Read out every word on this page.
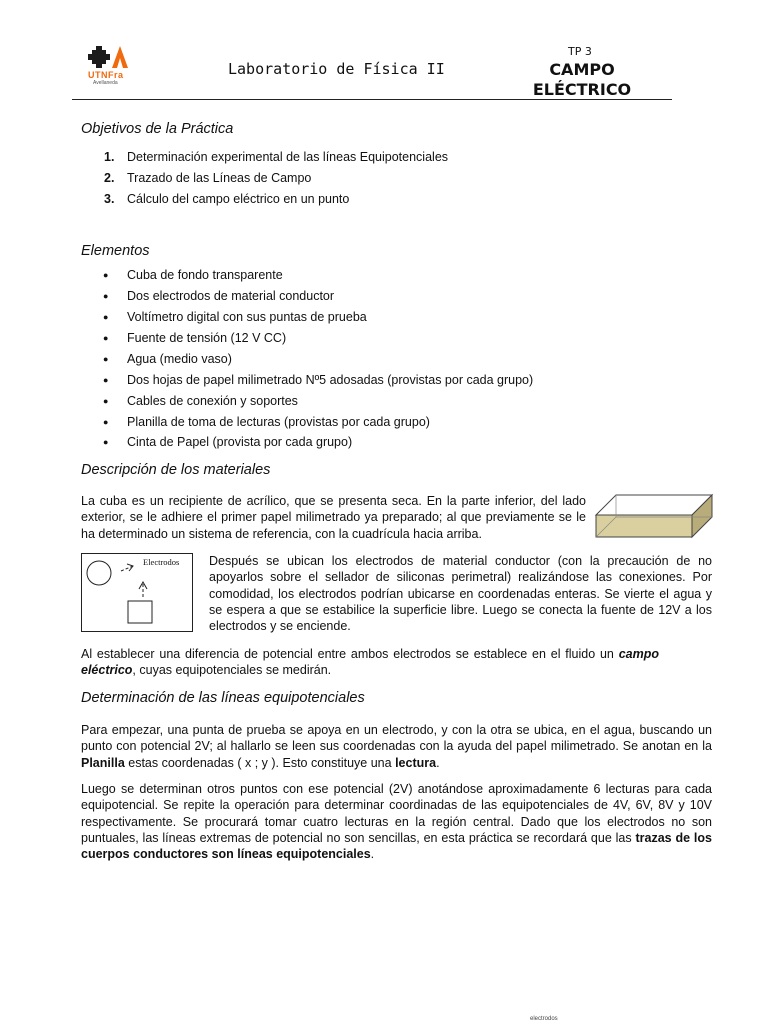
UTNFra
Avellaneda
Laboratorio de Física II
TP 3
CAMPO ELÉCTRICO
Objetivos de la Práctica
1. Determinación experimental de las líneas Equipotenciales
2. Trazado de las Líneas de Campo
3. Cálculo del campo eléctrico en un punto
Elementos
● Cuba de fondo transparente
● Dos electrodos de material conductor
● Voltímetro digital con sus puntas de prueba
● Fuente de tensión (12 V CC)
● Agua (medio vaso)
● Dos hojas de papel milimetrado Nº5 adosadas (provistas por cada grupo)
● Cables de conexión y soportes
● Planilla de toma de lecturas (provistas por cada grupo)
● Cinta de Papel (provista por cada grupo)
Descripción de los materiales
La cuba es un recipiente de acrílico, que se presenta seca. En la parte inferior, del lado exterior, se le adhiere el primer papel milimetrado ya preparado; al que previamente se le ha determinado un sistema de referencia, con la cuadrícula hacia arriba.
Electrodos Después se ubican los electrodos de material conductor (con la precaución de no apoyarlos sobre el sellador de siliconas perimetral) realizándose las conexiones. Por comodidad, los electrodos podrían ubicarse en coordenadas enteras. Se vierte el agua y se espera a que se estabilice la superficie libre. Luego se conecta la fuente de 12V a los electrodos y se enciende.
Al establecer una diferencia de potencial entre ambos electrodos se establece en el fluido un campo eléctrico, cuyas equipotenciales se medirán.
Determinación de las líneas equipotenciales
Para empezar, una punta de prueba se apoya en un electrodo, y con la otra se ubica, en el agua, buscando un punto con potencial 2V; al hallarlo se leen sus coordenadas con la ayuda del papel milimetrado. Se anotan en la Planilla estas coordenadas ( x ; y ). Esto constituye una lectura.
Luego se determinan otros puntos con ese potencial (2V) anotándose aproximadamente 6 lecturas para cada equipotencial. Se repite la operación para determinar coordinadas de las equipotenciales de 4V, 6V, 8V y 10V respectivamente. Se procurará tomar cuatro lecturas en la región central. Dado que los electrodos no son puntuales, las líneas extremas de potencial no son sencillas, en esta práctica se recordará que las trazas de los cuerpos conductores son líneas equipotenciales.
electrodos
